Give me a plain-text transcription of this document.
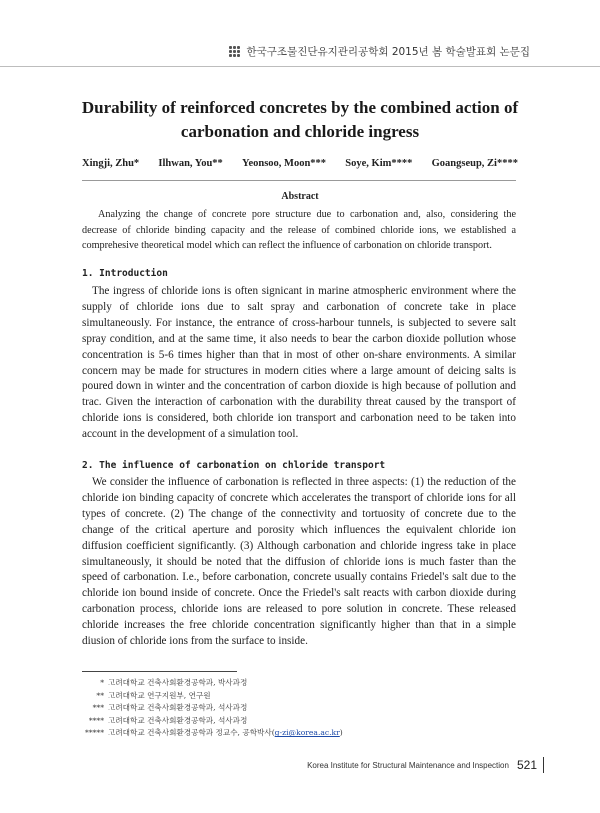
한국구조물진단유지관리공학회 2015년 봄 학술발표회 논문집
Durability of reinforced concretes by the combined action of carbonation and chloride ingress
Xingji, Zhu* Ilhwan, You** Yeonsoo, Moon*** Soye, Kim**** Goangseup, Zi****
Abstract
Analyzing the change of concrete pore structure due to carbonation and, also, considering the decrease of chloride binding capacity and the release of combined chloride ions, we established a comprehesive theoretical model which can reflect the influence of carbonation on chloride transport.
1. Introduction
The ingress of chloride ions is often signicant in marine atmospheric environment where the supply of chloride ions due to salt spray and carbonation of concrete take in place simultaneously. For instance, the entrance of cross-harbour tunnels, is subjected to severe salt spray condition, and at the same time, it also needs to bear the carbon dioxide pollution whose concentration is 5-6 times higher than that in most of other on-share environments. A similar concern may be made for structures in modern cities where a large amount of deicing salts is poured down in winter and the concentration of carbon dioxide is high because of pollution and trac. Given the interaction of carbonation with the durability threat caused by the transport of chloride ions is considered, both chloride ion transport and carbonation need to be taken into account in the development of a simulation tool.
2. The influence of carbonation on chloride transport
We consider the influence of carbonation is reflected in three aspects: (1) the reduction of the chloride ion binding capacity of concrete which accelerates the transport of chloride ions for all types of concrete. (2) The change of the connectivity and tortuosity of concrete due to the change of the critical aperture and porosity which influences the equivalent chloride ion diffusion coefficient significantly. (3) Although carbonation and chloride ingress take in place simultaneously, it should be noted that the diffusion of chloride ions is much faster than the speed of carbonation. I.e., before carbonation, concrete usually contains Friedel's salt due to the chloride ion bound inside of concrete. Once the Friedel's salt reacts with carbon dioxide during carbonation process, chloride ions are released to pore solution in concrete. These released chloride increases the free chloride concentration significantly higher than that in a simple diusion of chloride ions from the surface to inside.
* 고려대학교 건축사회환경공학과, 박사과정
** 고려대학교 연구지원부, 연구원
*** 고려대학교 건축사회환경공학과, 석사과정
**** 고려대학교 건축사회환경공학과, 석사과정
***** 고려대학교 건축사회환경공학과 정교수, 공학박사(g-zi@korea.ac.kr)
Korea Institute for Structural Maintenance and Inspection 521
